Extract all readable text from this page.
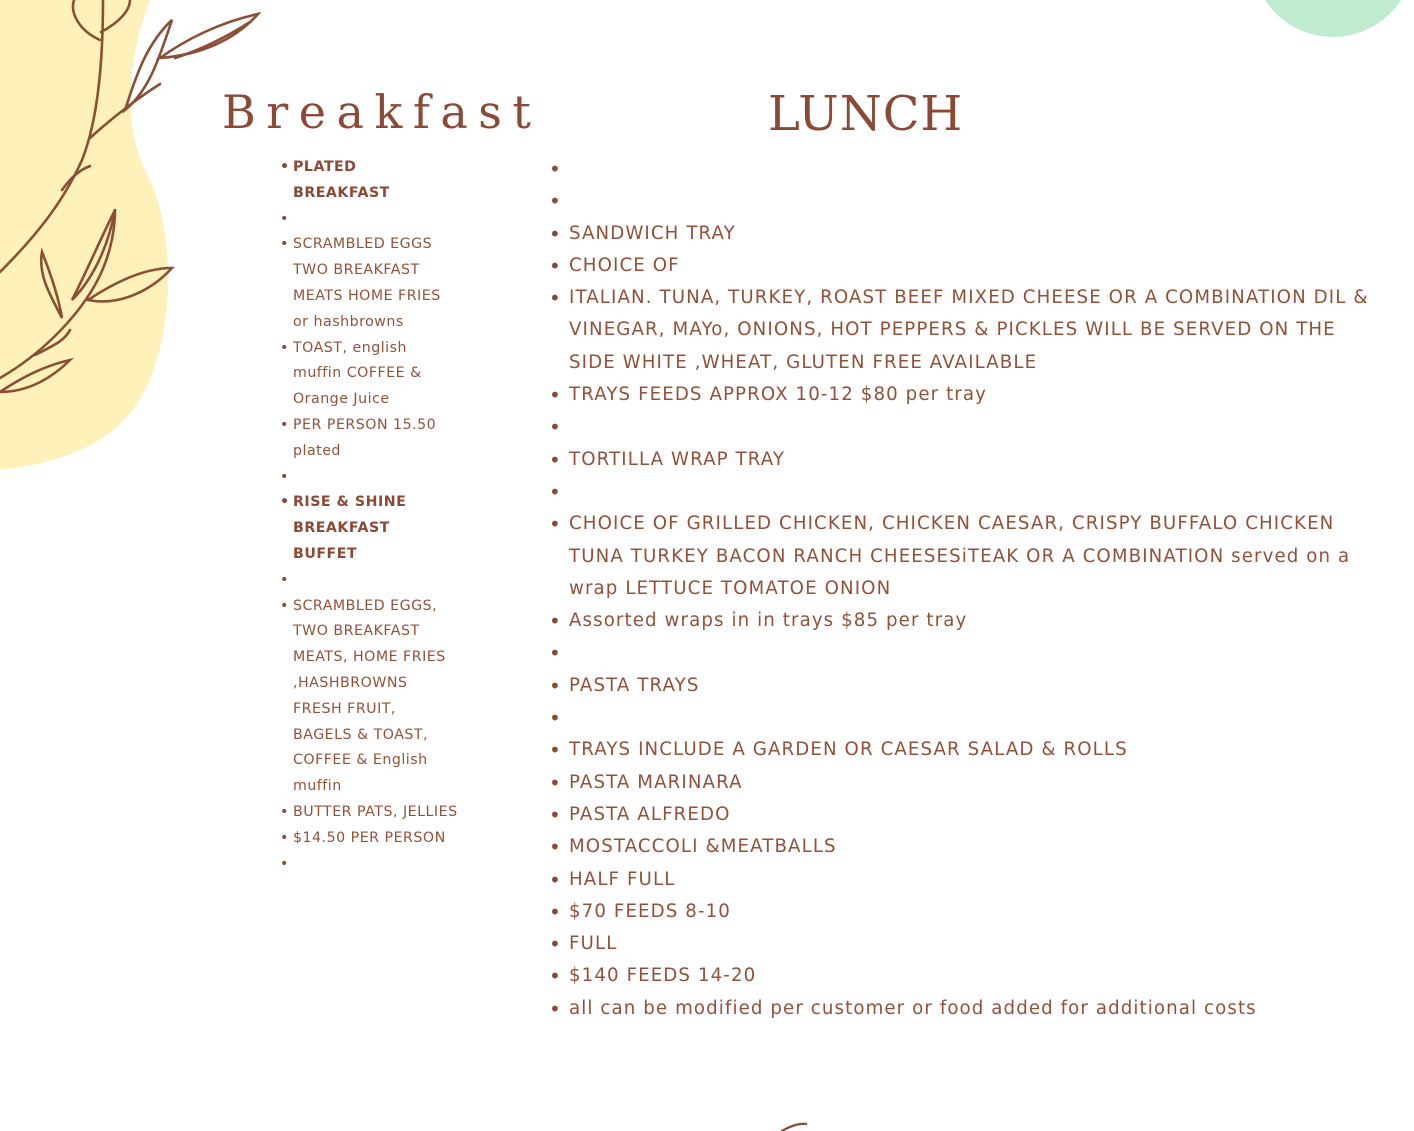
Breakfast	LUNCH
• PLATED BREAKFAST
•
• SCRAMBLED EGGS TWO BREAKFAST MEATS HOME FRIES or hashbrowns
• TOAST, english muffin COFFEE & Orange Juice
• PER PERSON 15.50 plated
•
• RISE & SHINE BREAKFAST BUFFET
•
• SCRAMBLED EGGS, TWO BREAKFAST MEATS, HOME FRIES ,HASHBROWNS FRESH FRUIT, BAGELS & TOAST, COFFEE & English muffin
• BUTTER PATS, JELLIES
• $14.50 PER PERSON
•
•
•
• SANDWICH TRAY
• CHOICE OF
• ITALIAN. TUNA, TURKEY, ROAST BEEF MIXED CHEESE OR A COMBINATION DIL & VINEGAR, MAYo, ONIONS, HOT PEPPERS & PICKLES WILL BE SERVED ON THE SIDE WHITE ,WHEAT, GLUTEN FREE AVAILABLE
• TRAYS FEEDS APPROX 10-12 $80 per tray
•
• TORTILLA WRAP TRAY
•
• CHOICE OF GRILLED CHICKEN, CHICKEN CAESAR, CRISPY BUFFALO CHICKEN TUNA TURKEY BACON RANCH CHEESESiTEAK OR A COMBINATION served on a wrap LETTUCE TOMATOE ONION
• Assorted wraps in in trays $85 per tray
•
• PASTA TRAYS
•
• TRAYS INCLUDE A GARDEN OR CAESAR SALAD & ROLLS
• PASTA MARINARA
• PASTA ALFREDO
• MOSTACCOLI &MEATBALLS
• HALF FULL
• $70 FEEDS 8-10
• FULL
• $140 FEEDS 14-20
• all can be modified per customer or food added for additional costs
